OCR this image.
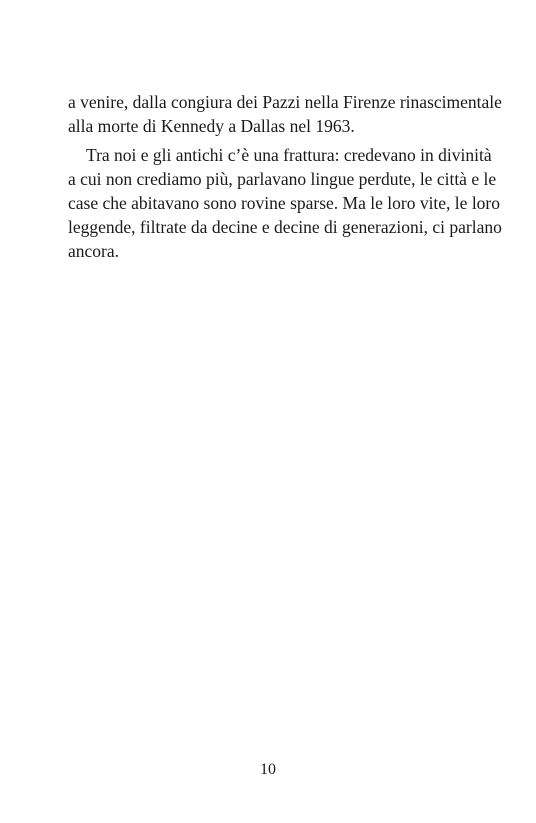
a venire, dalla congiura dei Pazzi nella Firenze rinascimentale
alla morte di Kennedy a Dallas nel 1963.
Tra noi e gli antichi c’è una frattura: credevano in divinità
a cui non crediamo più, parlavano lingue perdute, le città e le
case che abitavano sono rovine sparse. Ma le loro vite, le loro
leggende, filtrate da decine e decine di generazioni, ci parlano
ancora.
10
